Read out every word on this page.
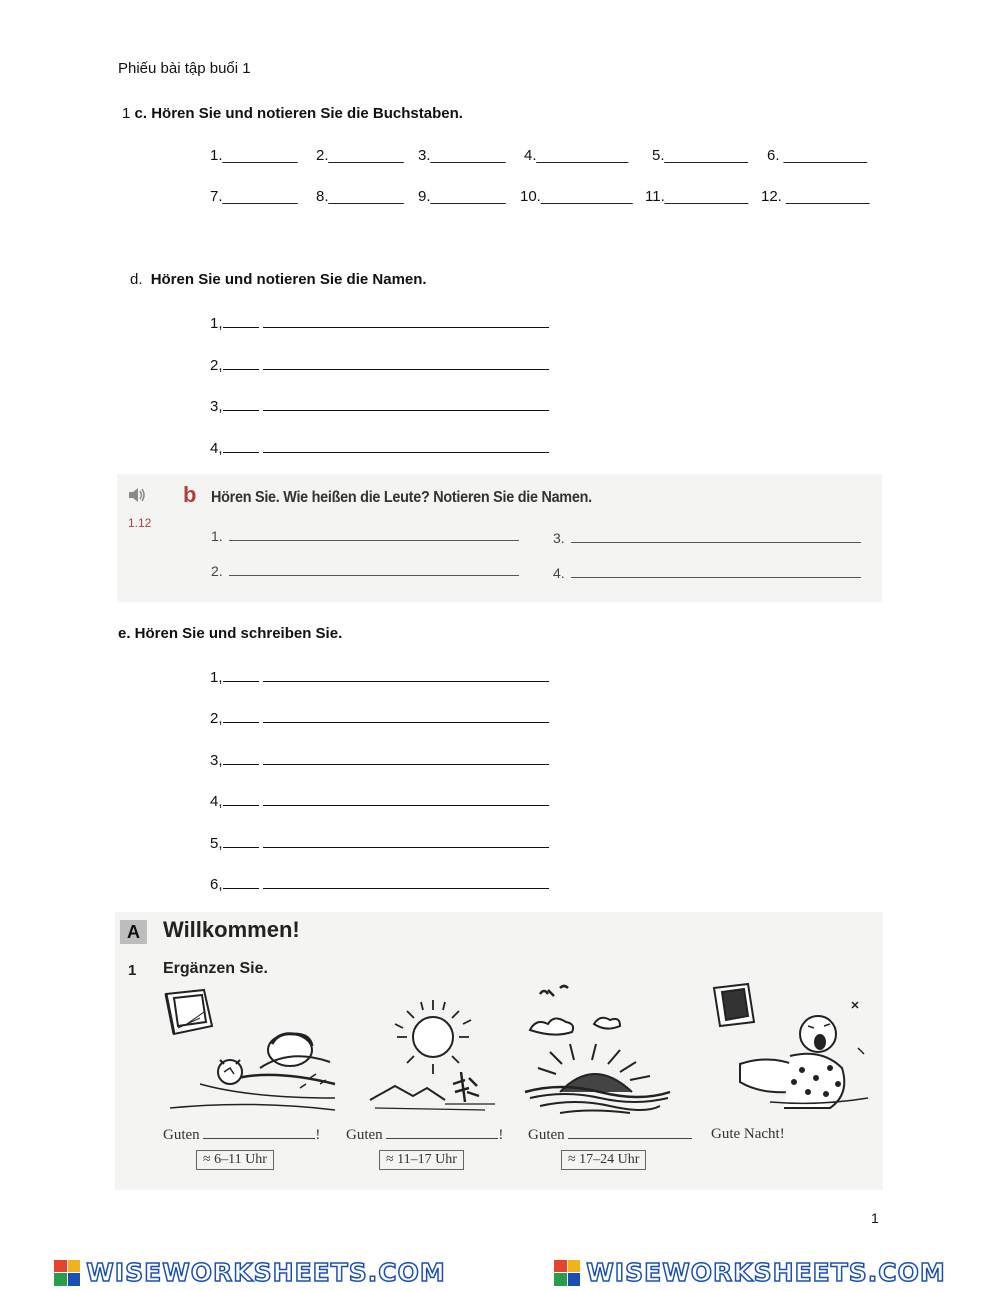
Phiếu bài tập buổi 1
1 c. Hören Sie und notieren Sie die Buchstaben.
1._________ 2._________ 3._________ 4.___________ 5.__________ 6. __________
7._________ 8._________ 9._________ 10.___________ 11.__________ 12. __________
d. Hören Sie und notieren Sie die Namen.
1,
2,
3,
4,
1.12
b Hören Sie. Wie heißen die Leute? Notieren Sie die Namen.
1.	3.
2.	4.
e. Hören Sie und schreiben Sie.
1,
2,
3,
4,
5,
6,
A	Willkommen!
1 Ergänzen Sie.
Guten	! Guten	! Guten	Gute Nacht!
≈ 6–11 Uhr	≈ 11–17 Uhr	≈ 17–24 Uhr
1
WISEWORKSHEETS.COM	WISEWORKSHEETS.COM
